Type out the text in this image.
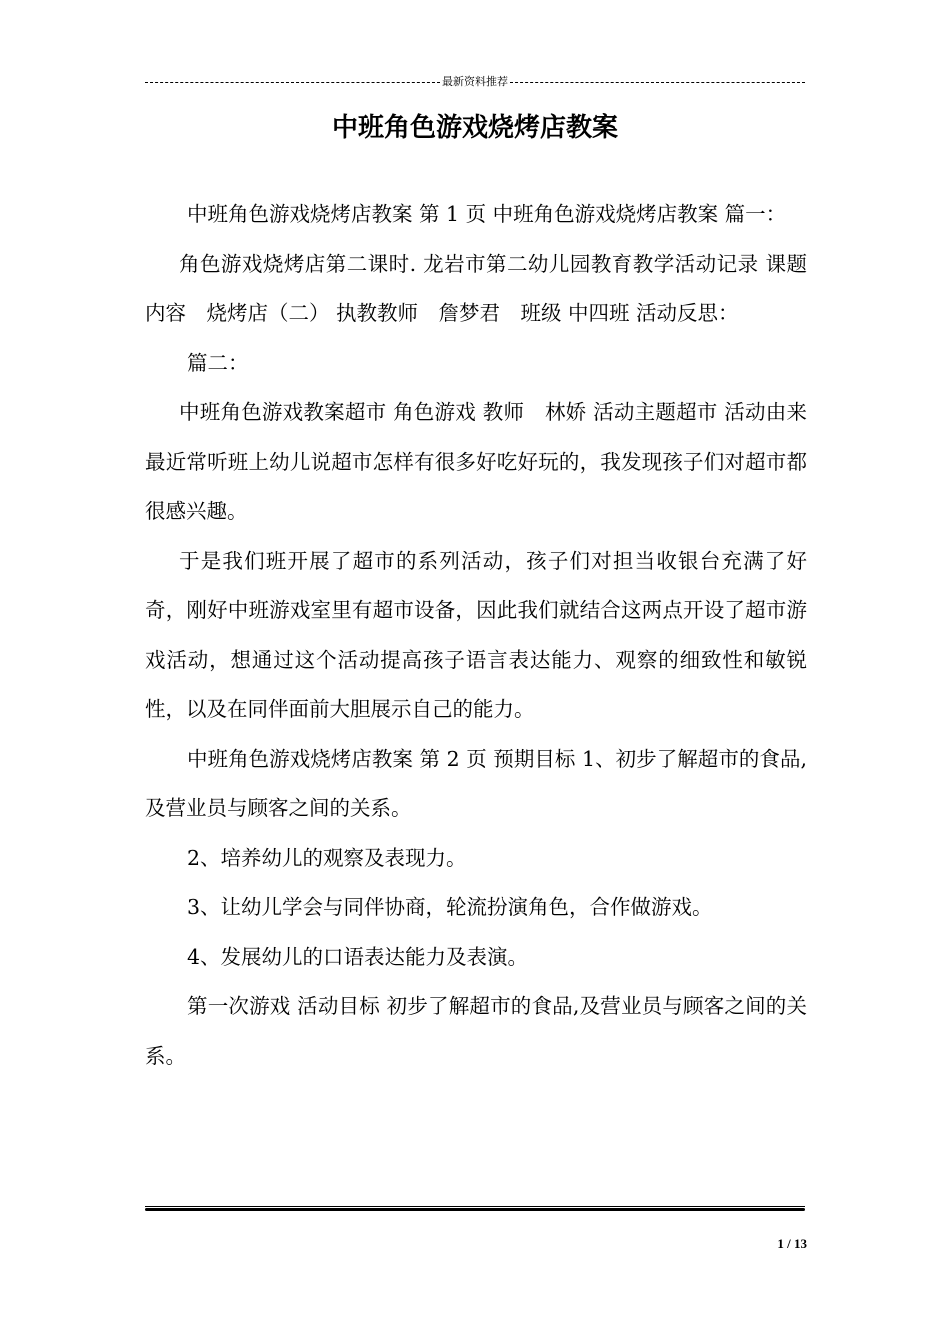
最新资料推荐
中班角色游戏烧烤店教案

中班角色游戏烧烤店教案 第 1 页 中班角色游戏烧烤店教案 篇一：

角色游戏烧烤店第二课时. 龙岩市第二幼儿园教育教学活动记录 课题内容　烧烤店（二） 执教教师　詹梦君　班级 中四班 活动反思：

篇二：

中班角色游戏教案超市 角色游戏 教师　林娇 活动主题超市 活动由来 最近常听班上幼儿说超市怎样有很多好吃好玩的，我发现孩子们对超市都很感兴趣。

于是我们班开展了超市的系列活动，孩子们对担当收银台充满了好奇，刚好中班游戏室里有超市设备，因此我们就结合这两点开设了超市游戏活动，想通过这个活动提高孩子语言表达能力、观察的细致性和敏锐性，以及在同伴面前大胆展示自己的能力。

中班角色游戏烧烤店教案 第 2 页 预期目标 1、初步了解超市的食品,及营业员与顾客之间的关系。

2、培养幼儿的观察及表现力。

3、让幼儿学会与同伴协商，轮流扮演角色，合作做游戏。

4、发展幼儿的口语表达能力及表演。

第一次游戏 活动目标 初步了解超市的食品,及营业员与顾客之间的关系。

1 / 13
